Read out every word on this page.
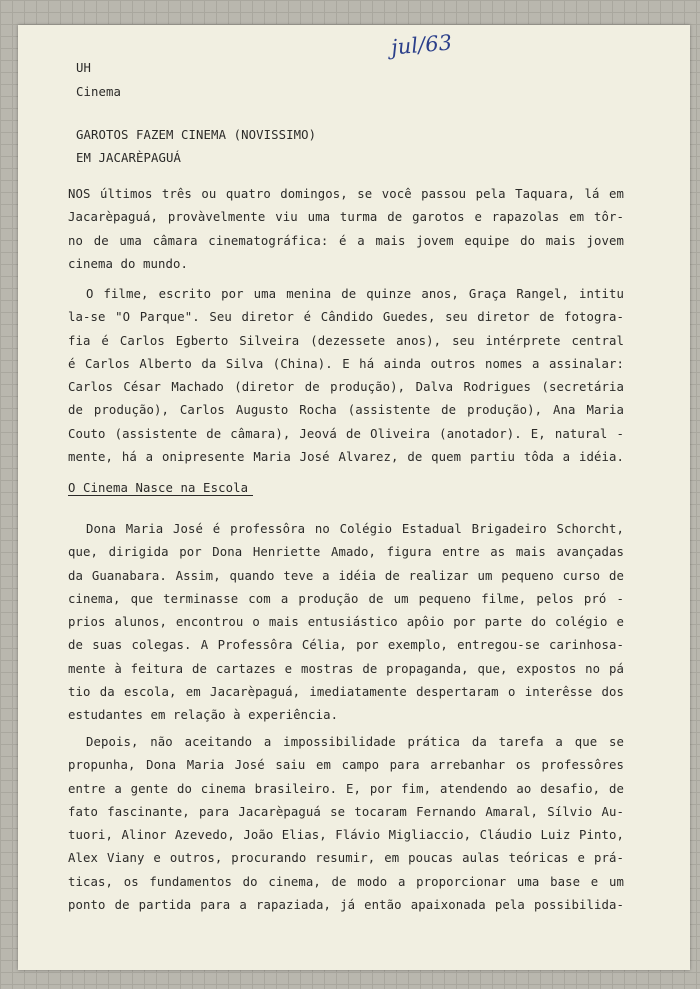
jul/63
UH
Cinema
GAROTOS FAZEM CINEMA (NOVISSIMO)
EM JACARÈPAGUÁ
NOS últimos três ou quatro domingos, se você passou pela Taquara, lá em
Jacarèpaguá, provàvelmente viu uma turma de garotos e rapazolas em tôr-
no de uma câmara cinematográfica: é a mais jovem equipe do mais jovem
cinema do mundo.
O filme, escrito por uma menina de quinze anos, Graça Rangel, intitu
la-se "O Parque". Seu diretor é Cândido Guedes, seu diretor de fotogra-
fia é Carlos Egberto Silveira (dezessete anos), seu intérprete central
é Carlos Alberto da Silva (China). E há ainda outros nomes a assinalar:
Carlos César Machado (diretor de produção), Dalva Rodrigues (secretária
de produção), Carlos Augusto Rocha (assistente de produção), Ana Maria
Couto (assistente de câmara), Jeová de Oliveira (anotador). E, natural -
mente, há a onipresente Maria José Alvarez, de quem partiu tôda a idéia.
O Cinema Nasce na Escola
Dona Maria José é professôra no Colégio Estadual Brigadeiro Schorcht,
que, dirigida por Dona Henriette Amado, figura entre as mais avançadas
da Guanabara. Assim, quando teve a idéia de realizar um pequeno curso de
cinema, que terminasse com a produção de um pequeno filme, pelos pró -
prios alunos, encontrou o mais entusiástico apôio por parte do colégio e
de suas colegas. A Professôra Célia, por exemplo, entregou-se carinhosa-
mente à feitura de cartazes e mostras de propaganda, que, expostos no pá
tio da escola, em Jacarèpaguá, imediatamente despertaram o interêsse dos
estudantes em relação à experiência.
Depois, não aceitando a impossibilidade prática da tarefa a que se
propunha, Dona Maria José saiu em campo para arrebanhar os professôres
entre a gente do cinema brasileiro. E, por fim, atendendo ao desafio, de
fato fascinante, para Jacarèpaguá se tocaram Fernando Amaral, Sílvio Au-
tuori, Alinor Azevedo, João Elias, Flávio Migliaccio, Cláudio Luiz Pinto,
Alex Viany e outros, procurando resumir, em poucas aulas teóricas e prá-
ticas, os fundamentos do cinema, de modo a proporcionar uma base e um
ponto de partida para a rapaziada, já então apaixonada pela possibilida-
